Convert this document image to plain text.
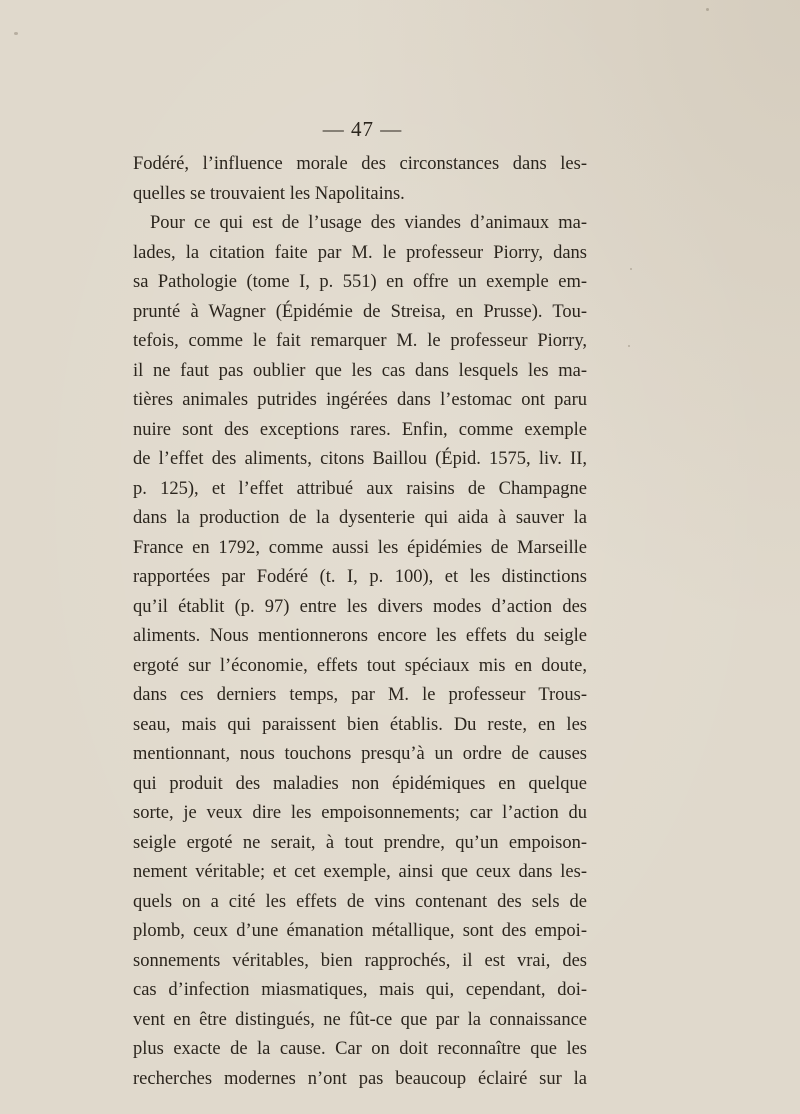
— 47 —
Fodéré, l’influence morale des circonstances dans les-
quelles se trouvaient les Napolitains.
Pour ce qui est de l’usage des viandes d’animaux ma-
lades, la citation faite par M. le professeur Piorry, dans
sa Pathologie (tome I, p. 551) en offre un exemple em-
prunté à Wagner (Épidémie de Streisa, en Prusse). Tou-
tefois, comme le fait remarquer M. le professeur Piorry,
il ne faut pas oublier que les cas dans lesquels les ma-
tières animales putrides ingérées dans l’estomac ont paru
nuire sont des exceptions rares. Enfin, comme exemple
de l’effet des aliments, citons Baillou (Épid. 1575, liv. II,
p. 125), et l’effet attribué aux raisins de Champagne
dans la production de la dysenterie qui aida à sauver la
France en 1792, comme aussi les épidémies de Marseille
rapportées par Fodéré (t. I, p. 100), et les distinctions
qu’il établit (p. 97) entre les divers modes d’action des
aliments. Nous mentionnerons encore les effets du seigle
ergoté sur l’économie, effets tout spéciaux mis en doute,
dans ces derniers temps, par M. le professeur Trous-
seau, mais qui paraissent bien établis. Du reste, en les
mentionnant, nous touchons presqu’à un ordre de causes
qui produit des maladies non épidémiques en quelque
sorte, je veux dire les empoisonnements; car l’action du
seigle ergoté ne serait, à tout prendre, qu’un empoison-
nement véritable; et cet exemple, ainsi que ceux dans les-
quels on a cité les effets de vins contenant des sels de
plomb, ceux d’une émanation métallique, sont des empoi-
sonnements véritables, bien rapprochés, il est vrai, des
cas d’infection miasmatiques, mais qui, cependant, doi-
vent en être distingués, ne fût-ce que par la connaissance
plus exacte de la cause. Car on doit reconnaître que les
recherches modernes n’ont pas beaucoup éclairé sur la
